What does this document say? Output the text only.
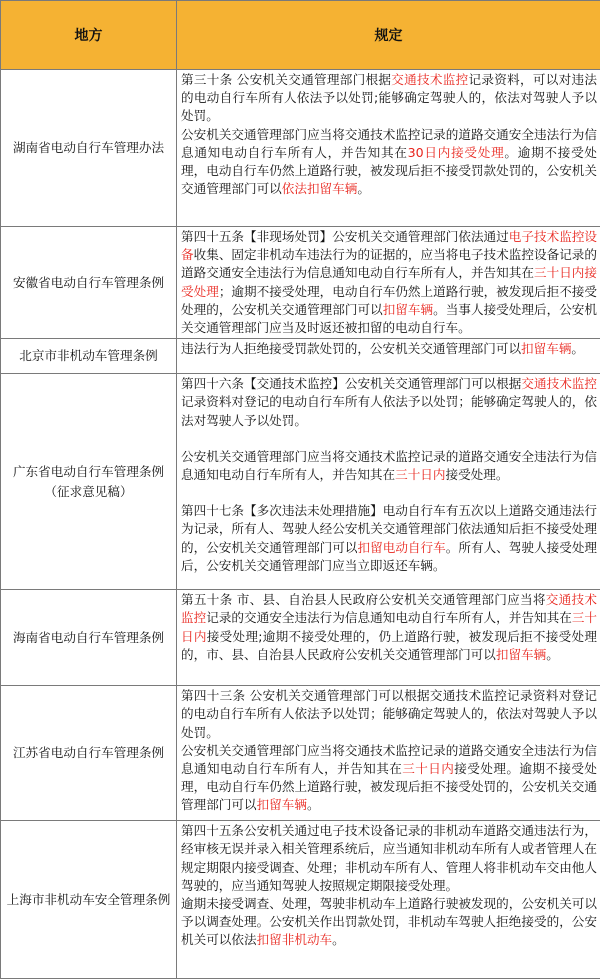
地方	规定
湖南省电动自行车管理办法	第三十条 公安机关交通管理部门根据交通技术监控记录资料，可以对违法的电动自行车所有人依法予以处罚;能够确定驾驶人的，依法对驾驶人予以处罚。

公安机关交通管理部门应当将交通技术监控记录的道路交通安全违法行为信息通知电动自行车所有人，并告知其在30日内接受处理。逾期不接受处理，电动自行车仍然上道路行驶，被发现后拒不接受罚款处罚的，公安机关交通管理部门可以依法扣留车辆。

安徽省电动自行车管理条例	第四十五条【非现场处罚】公安机关交通管理部门依法通过电子技术监控设备收集、固定非机动车违法行为的证据的，应当将电子技术监控设备记录的道路交通安全违法行为信息通知电动自行车所有人，并告知其在三十日内接受处理；逾期不接受处理，电动自行车仍然上道路行驶，被发现后拒不接受处理的，公安机关交通管理部门可以扣留车辆。当事人接受处理后，公安机关交通管理部门应当及时返还被扣留的电动自行车。

北京市非机动车管理条例	违法行为人拒绝接受罚款处罚的，公安机关交通管理部门可以扣留车辆。

广东省电动自行车管理条例（征求意见稿）	第四十六条【交通技术监控】公安机关交通管理部门可以根据交通技术监控记录资料对登记的电动自行车所有人依法予以处罚；能够确定驾驶人的，依法对驾驶人予以处罚。

公安机关交通管理部门应当将交通技术监控记录的道路交通安全违法行为信息通知电动自行车所有人，并告知其在三十日内接受处理。

第四十七条【多次违法未处理措施】电动自行车有五次以上道路交通违法行为记录，所有人、驾驶人经公安机关交通管理部门依法通知后拒不接受处理的，公安机关交通管理部门可以扣留电动自行车。所有人、驾驶人接受处理后，公安机关交通管理部门应当立即返还车辆。

海南省电动自行车管理条例	第五十条 市、县、自治县人民政府公安机关交通管理部门应当将交通技术监控记录的交通安全违法行为信息通知电动自行车所有人，并告知其在三十日内接受处理;逾期不接受处理的，仍上道路行驶，被发现后拒不接受处理的，市、县、自治县人民政府公安机关交通管理部门可以扣留车辆。

江苏省电动自行车管理条例	第四十三条 公安机关交通管理部门可以根据交通技术监控记录资料对登记的电动自行车所有人依法予以处罚；能够确定驾驶人的，依法对驾驶人予以处罚。

公安机关交通管理部门应当将交通技术监控记录的道路交通安全违法行为信息通知电动自行车所有人，并告知其在三十日内接受处理。逾期不接受处理，电动自行车仍然上道路行驶，被发现后拒不接受处罚的，公安机关交通管理部门可以扣留车辆。

上海市非机动车安全管理条例	第四十五条公安机关通过电子技术设备记录的非机动车道路交通违法行为，经审核无误并录入相关管理系统后，应当通知非机动车所有人或者管理人在规定期限内接受调查、处理；非机动车所有人、管理人将非机动车交由他人驾驶的，应当通知驾驶人按照规定期限接受处理。

逾期未接受调查、处理，驾驶非机动车上道路行驶被发现的，公安机关可以予以调查处理。公安机关作出罚款处罚，非机动车驾驶人拒绝接受的，公安机关可以依法扣留非机动车。
